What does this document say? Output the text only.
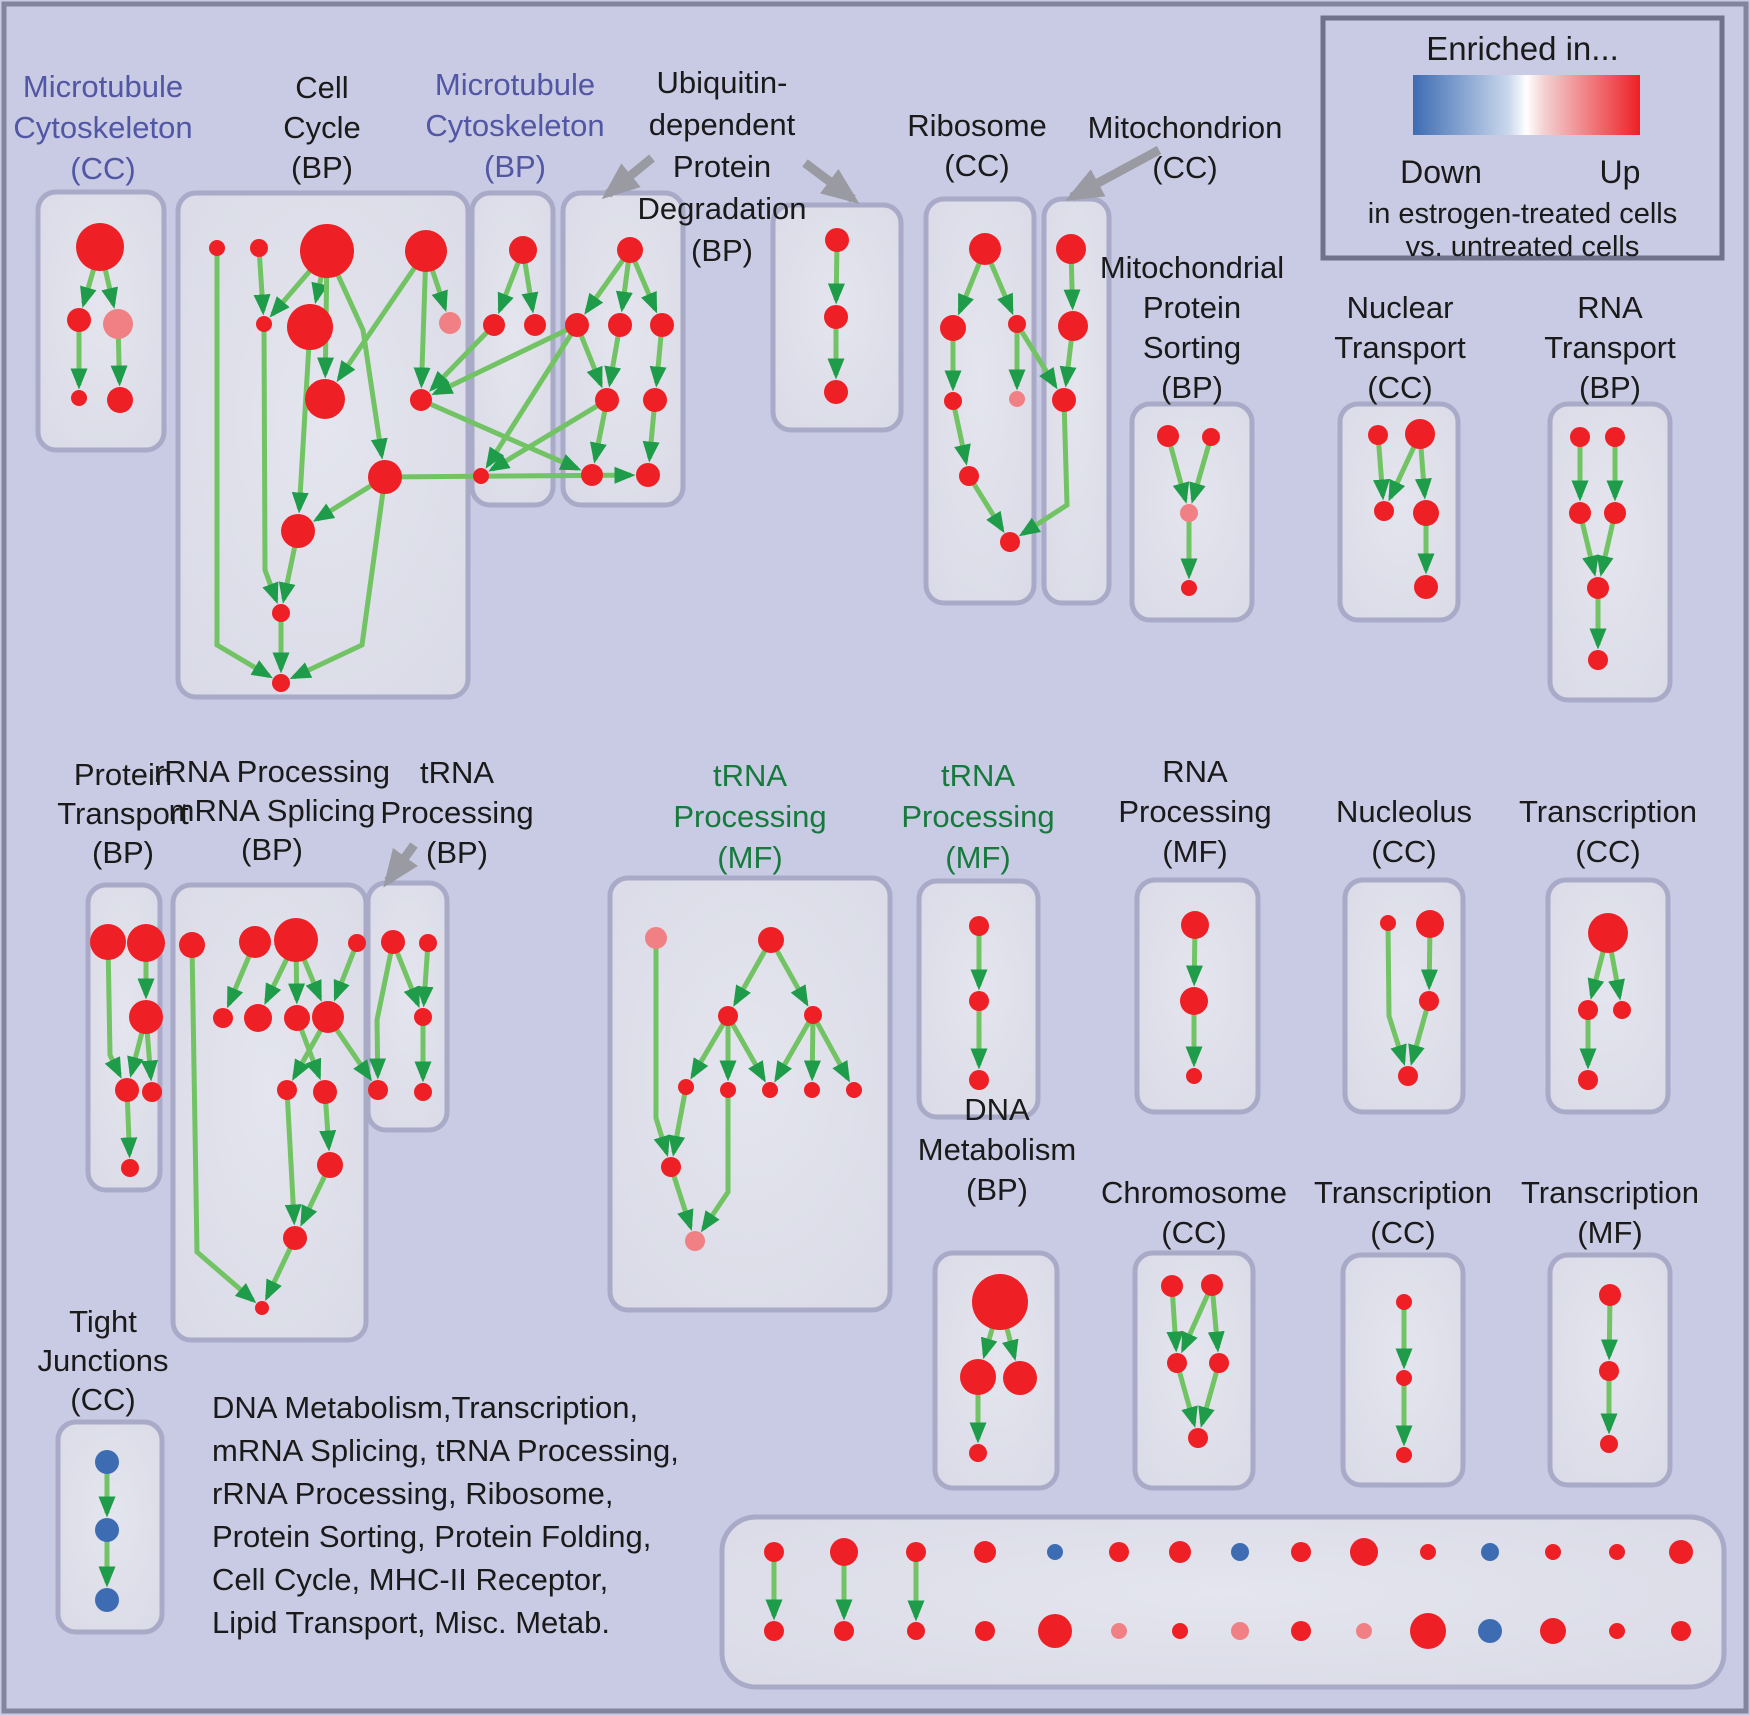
Microtubule
Cytoskeleton
(CC)
Cell
Cycle
(BP)
Microtubule
Cytoskeleton
(BP)
Ubiquitin-
dependent
Protein
Degradation
(BP)
Ribosome
(CC)
Mitochondrion
(CC)
Mitochondrial
Protein
Sorting
(BP)
Nuclear
Transport
(CC)
RNA
Transport
(BP)
Protein
Transport
(BP)
rRNA Processing
mRNA Splicing
(BP)
tRNA
Processing
(BP)
tRNA
Processing
(MF)
tRNA
Processing
(MF)
RNA
Processing
(MF)
Nucleolus
(CC)
Transcription
(CC)
DNA
Metabolism
(BP) Chromosome
(CC)
Transcription
(CC)
Transcription
(MF)
Tight
Junctions
(CC)
Enriched in...
Down	Up
in estrogen-treated cells
vs. untreated cells
DNA Metabolism,Transcription,
mRNA Splicing, tRNA Processing,
rRNA Processing, Ribosome,
Protein Sorting, Protein Folding,
Cell Cycle, MHC-II Receptor,
Lipid Transport, Misc. Metab.
